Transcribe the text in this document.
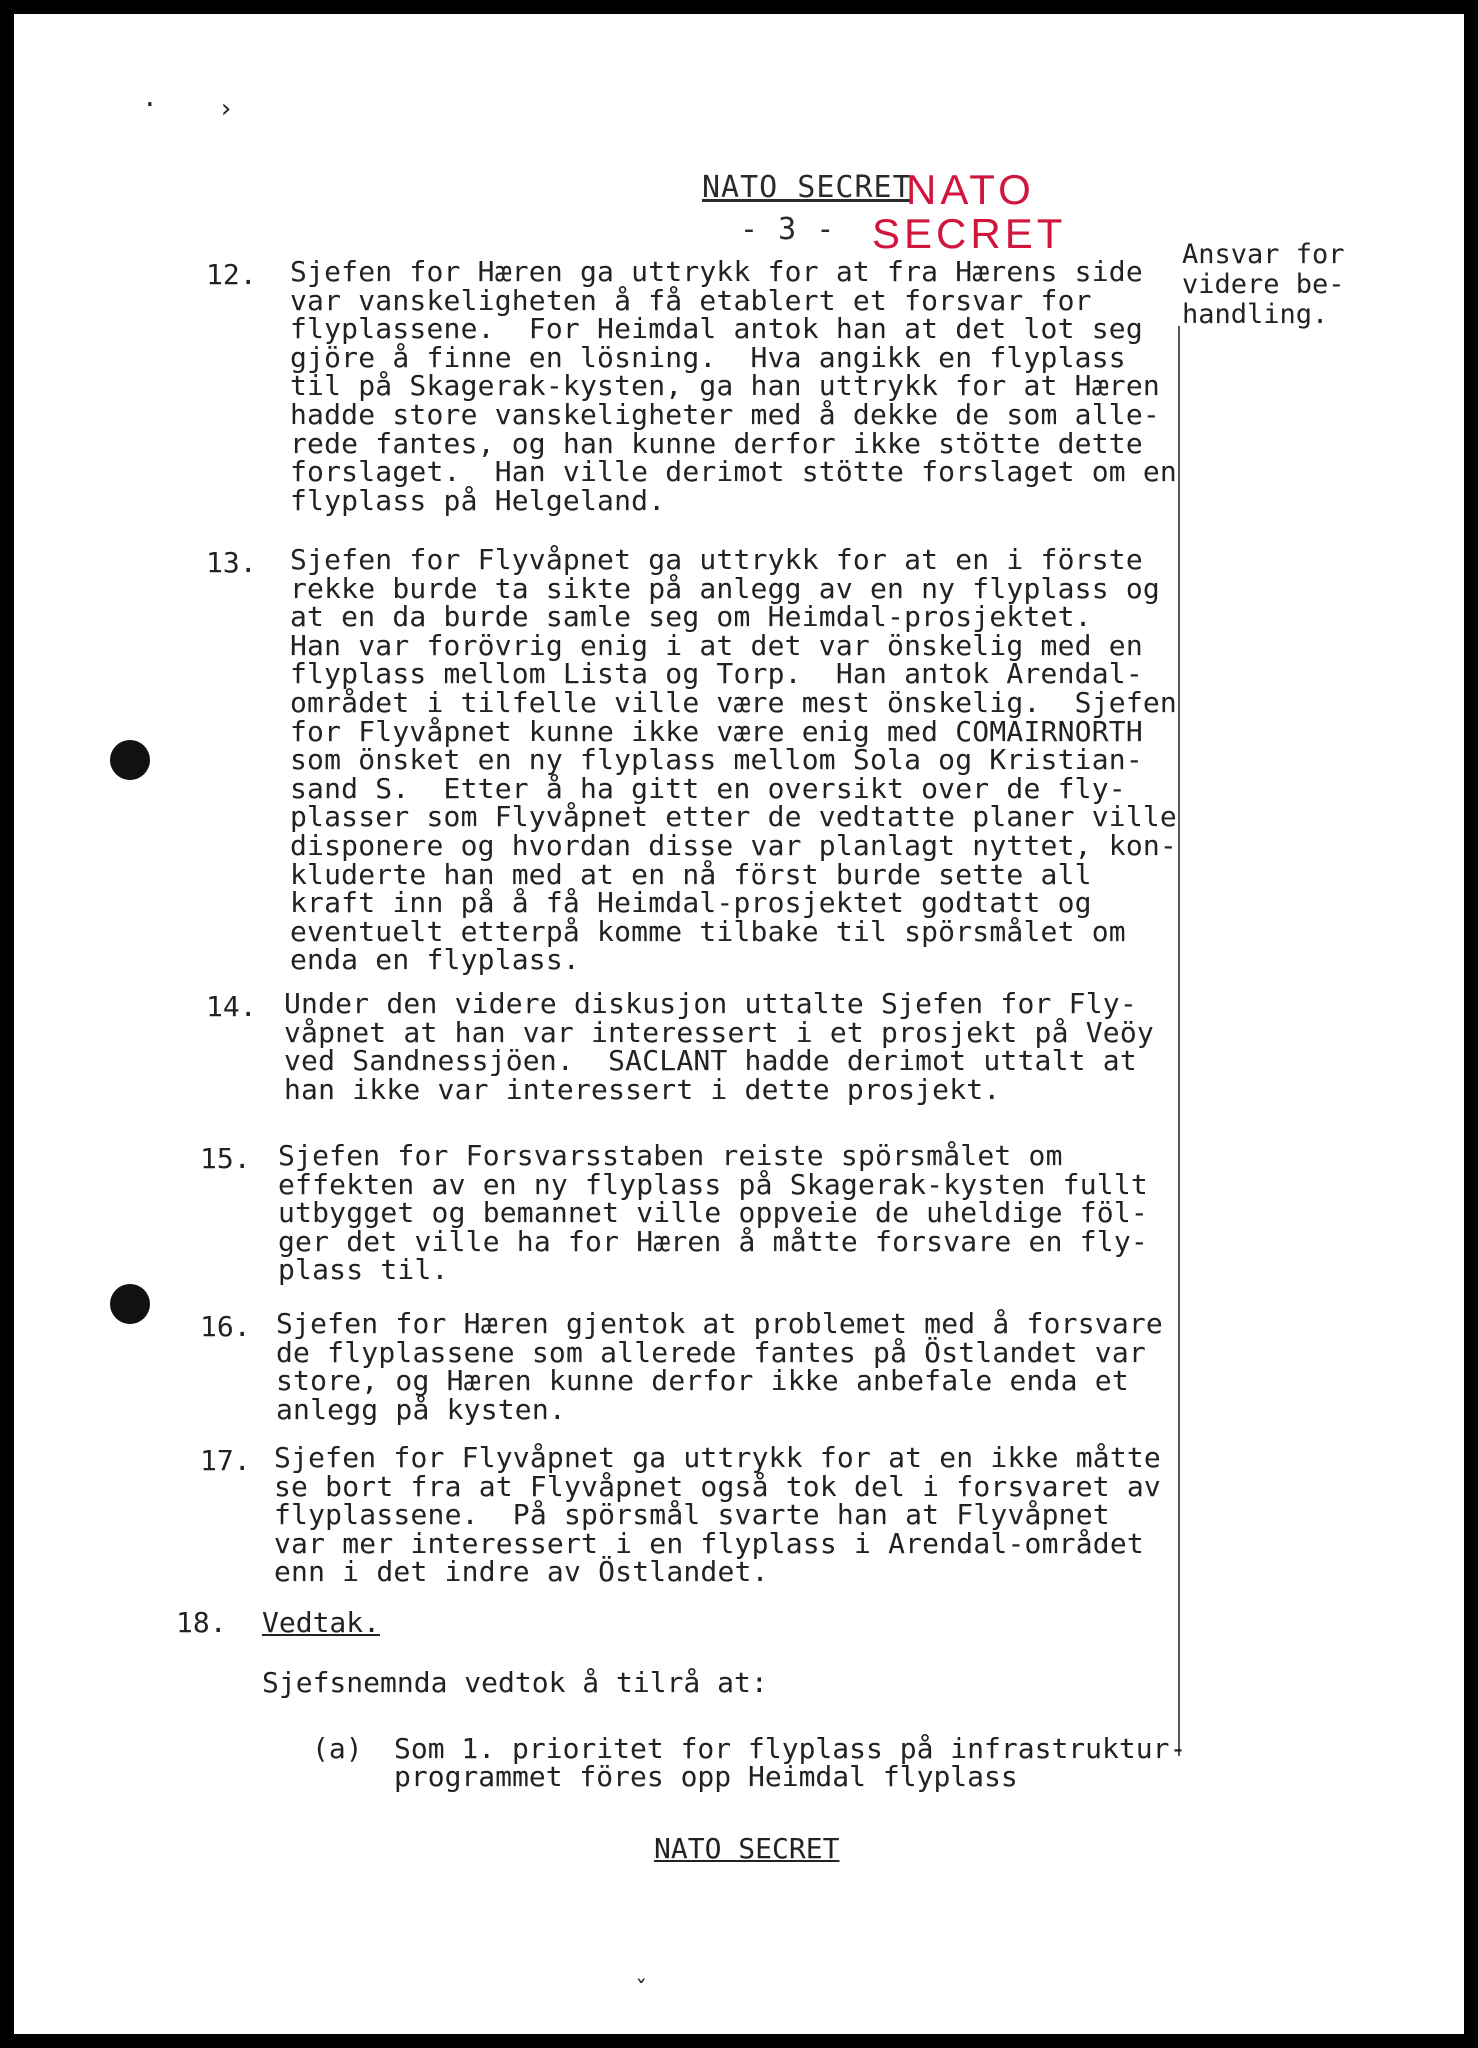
· ›
NATO SECRET
- 3 -
NATO
SECRET	Ansvar for
videre be-
handling.
12.	Sjefen for Hæren ga uttrykk for at fra Hærens side
var vanskeligheten å få etablert et forsvar for
flyplassene.  For Heimdal antok han at det lot seg
gjöre å finne en lösning.  Hva angikk en flyplass
til på Skagerak-kysten, ga han uttrykk for at Hæren
hadde store vanskeligheter med å dekke de som alle-
rede fantes, og han kunne derfor ikke stötte dette
forslaget.  Han ville derimot stötte forslaget om en
flyplass på Helgeland.
13.	Sjefen for Flyvåpnet ga uttrykk for at en i förste
rekke burde ta sikte på anlegg av en ny flyplass og
at en da burde samle seg om Heimdal-prosjektet.
Han var forövrig enig i at det var önskelig med en
flyplass mellom Lista og Torp.  Han antok Arendal-
området i tilfelle ville være mest önskelig.  Sjefen
for Flyvåpnet kunne ikke være enig med COMAIRNORTH
som önsket en ny flyplass mellom Sola og Kristian-
sand S.  Etter å ha gitt en oversikt over de fly-
plasser som Flyvåpnet etter de vedtatte planer ville
disponere og hvordan disse var planlagt nyttet, kon-
kluderte han med at en nå först burde sette all
kraft inn på å få Heimdal-prosjektet godtatt og
eventuelt etterpå komme tilbake til spörsmålet om
enda en flyplass.
14. Under den videre diskusjon uttalte Sjefen for Fly-
våpnet at han var interessert i et prosjekt på Veöy
ved Sandnessjöen.  SACLANT hadde derimot uttalt at
han ikke var interessert i dette prosjekt.
15. Sjefen for Forsvarsstaben reiste spörsmålet om
effekten av en ny flyplass på Skagerak-kysten fullt
utbygget og bemannet ville oppveie de uheldige föl-
ger det ville ha for Hæren å måtte forsvare en fly-
plass til.
16. Sjefen for Hæren gjentok at problemet med å forsvare
de flyplassene som allerede fantes på Östlandet var
store, og Hæren kunne derfor ikke anbefale enda et
anlegg på kysten.
17. Sjefen for Flyvåpnet ga uttrykk for at en ikke måtte
se bort fra at Flyvåpnet også tok del i forsvaret av
flyplassene.  På spörsmål svarte han at Flyvåpnet
var mer interessert i en flyplass i Arendal-området
enn i det indre av Östlandet.
18. Vedtak.
Sjefsnemnda vedtok å tilrå at:
(a) Som 1. prioritet for flyplass på infrastruktur-
programmet föres opp Heimdal flyplass
NATO SECRET
ˇ
